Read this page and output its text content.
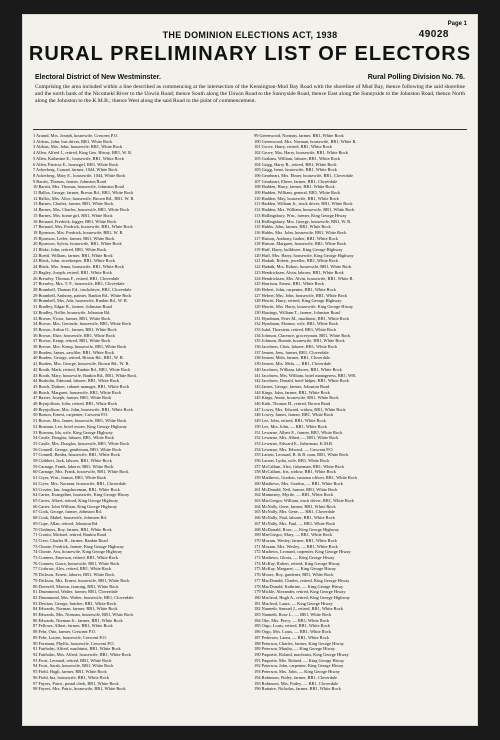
Page 1
49028
THE DOMINION ELECTIONS ACT, 1938
RURAL PRELIMINARY LIST OF ELECTORS
Electoral District of New Westminster.	Rural Polling Division No. 76.
Comprising the area included within a line described as commencing at the intersection of the Kensington-Mud Bay Road with the shoreline of Mud Bay, thence following the said shoreline and the north bank of the Nicomekl River to the Unwin Road; thence South along the Unwin Road to the Sunnyside Road, thence East along the Sunnyside to the Johnston Road, thence North along the Johnston to the K.M.B.; thence West along the said Road to the point of commencement.
1 Arrand, Mrs. Joseph, housewife, Crescent P.O.
2 Aldous, John, bus driver, RR1, White Rock
3 Aldous, Mrs. John, housewife, RR1, White Rock
4 Allen, Alfred J., retired, King Geo. Hiway, RR1, W. R.
5 Allen, Katherine E., housewife, RR1, White Rock
6 Allen, Patricia E., housegirl, RR1, White Rock
7 Ackerberg, Conrad, farmer, 1044, White Rock
8 Ackerberg, Mary E., housewife, 1044, White Rock
9 Barritt, Thomas, farmer, Johnston Road
10 Barritt, Mrs. Thomas, housewife, Johnston Road
11 Ballos, George, farmer, Brown Rd., RR1, White Rock
12 Ballos, Mrs. Alice, housewife, Brown Rd., RR1, W. R.
13 Barnes, Charles, farmer, RR1, White Rock
14 Barnes, Mrs. Charles, housewife, RR1, White Rock
15 Barnes, Mrs. home girl, RR1, White Rock
16 Bernard, Fredrick, logger, RR1, White Rock
17 Bernard, Mrs. Fredrick, housewife, RR1, White Rock
18 Bjornson, Mrs. Fredrick, housewife, RR1, W. R.
19 Bjornson, Leifer, farmer, RR1, White Rock
20 Bjornson, Sylvia, housewife, RR1, White Rock
21 Blake, John, retired, RR1, White Rock
22 Boettl, William, farmer, RR1, White Rock
23 Black, John, storekeeper, RR1, White Rock
24 Black, Mrs. Jenna, housewife, RR1, White Rock
25 Bagley, Joseph, retired, RR1, White Rock
26 Brearley, Thomas F., retired, RR1, Cloverdale
27 Brearley, Mrs. T. F., housewife, RR1, Cloverdale
28 Bramhell, Thomas Ed., truckdriver, RR1, Cloverdale
29 Bramhell, Anthony, painter, Rankin Rd., White Rock
30 Bramhell, Mrs. Ada, housewife, Rankin Rd., W. R.
31 Bradley, Edgar R., farmer, Johnston Road
32 Bradley, Nellie, housewife, Johnston Rd.
33 Brown, Victor, farmer, RR1, White Rock
34 Brown, Mrs. Gertrude, housewife, RR1, White Rock
35 Brown, Arthur O., farmer, RR1, White Rock
36 Brown, Elsie, housewife, RR1, White Rock
37 Brown, Kemp, retired, RR1, White Rock
38 Brown, Mrs. Kemp, housewife, RR1, White Rock
39 Burden, James, sawfiler, RR1, White Rock
40 Burden, George, retired, Brown Rd., RR1, W. R.
41 Burden, Mrs. George, housewife, Brown Rd., W. R.
42 Booth, Mark, retired, Rankin Rd., RR1, White Rock
43 Booth, Mary, housewife, Rankin Rd., RR1, White Rock
44 Burholm, Edmond, laborer, RR1, White Rock
45 Burch, Dulmer, cabaret manager, RR1, White Rock
46 Burch, Margaret, housewife, RR1, White Rock
47 Baxter, Joseph, farmer, RR1, White Rock
48 Brynjolfson, John, retired, RR1, White Rock
49 Brynjolfson, Mrs. John, housewife, RR1, White Rock
50 Burton, Ernest, carpenter, Crescent P.O.
51 Brown, Mrs. James, housewife, RR1, White Rock
52 Bosman, Leo, hotel owner, King George Highway
53 Bosman, Ida, wife, King George Highway
54 Castle, Douglas, laborer, RR1, White Rock
55 Castle, Mrs. Douglas, housewife, RR1, White Rock
56 Connell, George, gentleman, RR1, White Rock
57 Connell, Bertha, housewife, RR1, White Rock
58 Cuthbert, Jack, laborer, RR1, White Rock
59 Carnage, Frank, laborer, RR1, White Rock
60 Carnage, Mrs. Frank, housewife, RR1, White Rock
61 Cryer, Wm., farmer, RR1, White Rock
62 Cryer, Mrs. Norman, housewife, RR1, Cloverdale
63 Crozier, Ian, longshoreman, RR1, White Rock
64 Carter, Evangeline, housewife, King George Hiway
65 Carter, Albert, retired, King George Highway
66 Carter, John William, King George Highway
67 Cook, George, farmer, Johnston Rd.
68 Cook, Mabel, housewife, Johnston Rd.
69 Cope, Allan, retired, Johnston Rd.
70 Chalmers, Roy, farmer, RR1, White Rock
71 Cronin, Michael, retired, Rankin Road
72 Crew, Charles H., farmer, Rankin Road
73 Choate, Fredrick, farmer, King George Highway
74 Choate, Ava, housewife, King George Highway
75 Conners, Emerson, retired, RR1, White Rock
76 Conners, Grace, housewife, RR1, White Rock
77 Corbraw, Alex, retired, RR1, White Rock
78 Dickson, Ernest, laborer, RR1, White Rock
79 Dickson, Mrs. Ernest, housewife, RR1, White Rock
80 Doverell, Marion, farming, RR1, White Rock
81 Drummond, Walter, farmer, RR1, Cloverdale
82 Drummond, Mrs. Walter, housewife, RR1, Cloverdale
83 Dewton, George, butcher, RR1, White Rock
84 Edwards, Norman, farmer, RR1, White Rock
85 Edwards, Mrs. Norman, housewife, RR1, White Rock
86 Edwards, Norman Jr., farmer, RR1, White Rock
87 Fellows, Albert, farmer, RR1, White Rock
88 Fehr, Otto, farmer, Crescent P.O.
89 Fehr, Louise, housewife, Crescent P.O.
90 Foreman, Phyllis, housewife, Crescent P.O.
91 Fairholm, Alfred, machinist, RR1, White Rock
92 Fairholm, Mrs. Alfred, housewife, RR1, White Rock
93 Frost, Leonard, retired, RR1, White Rock
94 Frost, Sarah, housewife, RR1, White Rock
95 Field, Hugh, farmer, RR1, White Rock
96 Field, Ina, housewife, RR1, White Rock
97 Fayers, Patric, postal clerk, RR1, White Rock
98 Fayers, Mrs. Patric, housewife, RR1, White Rock
99 Greenwood, Norman, farmer, RR1, White Rock
100 Greenwood, Mrs. Norman, housewife, RR1, White R.
101 Grove, Harry, retired, RR1, White Rock
102 Grove, Mrs. Harry, housewife, RR1, White Rock
103 Graham, William, laborer, RR1, White Rock
104 Grigg, Harry R., retired, RR1, White Rock
105 Grigg, Irene, housewife, RR1, White Rock
106 Gearheart, Mrs. Elmer, housewife, RR1, Cloverdale
107 Gearheart, Elmer, farmer, RR1, Cloverdale
108 Hadden, Harry, farmer, RR1, White Rock
109 Hadden, William, general, RR1, White Rock
110 Hadden, May, housewife, RR1, White Rock
111 Hadden, William Jr., truck driver, RR1, White Rock
112 Hadden, Mrs. William, housewife, RR1, White Rock
113 Hollingsbury, Wm., farmer, King George Hiway
114 Hollingsbury, Mrs. George, housewife, RR1, W. R.
115 Hubbs, John, farmer, RR1, White Rock
116 Hubbs, Mrs. John, housewife, RR1, White Rock
117 Hutson, Anthony, barber, RR1, White Rock
118 Hutson, Margaret, housewife, RR1, White Rock
119 Huff, Harry, bulldozer, King George Highway
120 Huff, Mrs. Harry, housewife, King George Highway
121 Hadath, Robert, jeweller, RR1, White Rock
122 Hadath, Mrs. Robert, housewife, RR1, White Rock
123 Hendricksen, Alvin, laborer, RR1, White Rock
124 Hendricksen, Mrs. Alvin, housewife, RR1, White R.
125 Harrison, Ernest, RR1, White Rock
126 Hebert, John, carpenter, RR1, White Rock
127 Hebert, Mrs. John, housewife, RR1, White Rock
128 Hewitt, Harry, retired, King George Highway
129 Hewitt, Mrs. Harry, housewife, King George Hiway
130 Hastings, William T., farmer, Johnston Road
131 Hyndman, Peter M., machinist, RR1, White Rock
132 Hyndman, Eleanor, wife, RR1, White Rock
133 Isdal, Thorstein, retired, RR1, White Rock
134 Johnson, Clarence, groceryman, RR1, White Rock
135 Johnson, Bonnie, housewife, RR1, White Rock
136 Jacobsen, Chris, laborer, RR1, White Rock
137 Jensen, Jens, farmer, RR1, Cloverdale
138 Jensen, Mela, farmer, RR1, Cloverdale
139 Jensen, Mrs. Mela, — RR1, Cloverdale
140 Jacobsen, William, laborer, RR1, White Rock
141 Jacobsen, Mrs. William, hotel manageress, RR1, WR.
142 Jacobsen, Donald, hotel helper, RR1, White Rock
143 James, George, farmer, Johnston Road
144 Kings, John, farmer, RR1, White Rock
145 Kings, Annie, housewife, RR1, White Rock
146 Kink, Thomas H., retired, Brown Road
147 Lowry, Mrs. Edward, widow, RR1, White Rock
148 Lowry, James, farmer, RR1, White Rock
149 Lee, John, retired, RR1, White Rock
150 Lee, Mrs. John, — RR1, White Rock
151 Lewarne, Albert E., farmer, RR1, White Rock
152 Lewarne, Mrs. Albert, — RR1, White Rock
153 Lewarne, Edward E., fisherman, K.M.B.
154 Lewarne, Mrs. Edward, — Crescent P.O.
155 Larsen, Leonard, B. & B. man, RR1, White Rock
156 Larsen, Lydia, wife, RR1, White Rock
157 McCallum, Alex, fisherman, RR1, White Rock
158 McCallum, Iris, widow, RR1, White Rock
159 Matthews, Gordon, customs officer, RR1, White Rock
160 Matthews, Mrs. Gordon, — RR1, White Rock
161 McDonald, Neil, farmer, RR1, White Rock
162 Mummery, Myrtle, — RR1, White Rock
163 MacGregor, William, truck driver, RR1, White Rock
164 McNally, Gene, farmer, RR1, White Rock
165 McNally, Mrs. Gene, — RR1, Cloverdale
166 McNally, Paul, laborer, RR1, White Rock
167 McNally, Mrs. Paul, — RR1, White Rock
168 McDonald, Rose, — King George Highway
169 MacGregor, Mary, — RR1, White Rock
170 Mozam, Wesley, farmer, RR1, White Rock
171 Mozam, Mrs. Wesley, — RR1, White Rock
172 Mathews, Leonard, carpenter, King George Hiway
173 Mathews, Gloria, — King George Hiway
174 McKay, Robert, retired, King George Hiway
175 McKay, Margaret, — King George Hiway
176 Moore, Roy, gardener, RR1, White Rock
177 MacDonald, Charles, retired, King George Hiway
178 MacDonald, Kathrine, — King George Hiway
179 Mickle, Alexander, retired, King George Hiway
180 Macleod, Hugh A., retired, King George Highway
181 Macleod, Laura, — King George Hiway
182 Nanneth, Samuel J., retired, RR1, White Rock
183 Nanneth, Rose L., — RR1, White Rock
184 Oke, Mrs. Percy, — RR1, White Rock
185 Orgo, Louis, retired, RR1, White Rock
186 Orgo, Mrs. Louis, — RR1, White Rock
187 Pedersen, Laura, — RR1, White Rock
188 Peterson, Charles, farmer, King George Hiway
189 Peterson, Martha, — King George Hiway
190 Paquette, Roland, machinist, King George Hiway
191 Paquette, Mrs. Roland, — King George Hiway
192 Peterson, John, carpenter, King George Hiway
193 Peterson, Mrs. John, — King George Hiway
194 Robinson, Finley, farmer, RR1, Cloverdale
195 Robinson, Mrs. Finley, — RR1, Cloverdale
196 Ruttaire, Nicholas, farmer, RR1, White Rock
